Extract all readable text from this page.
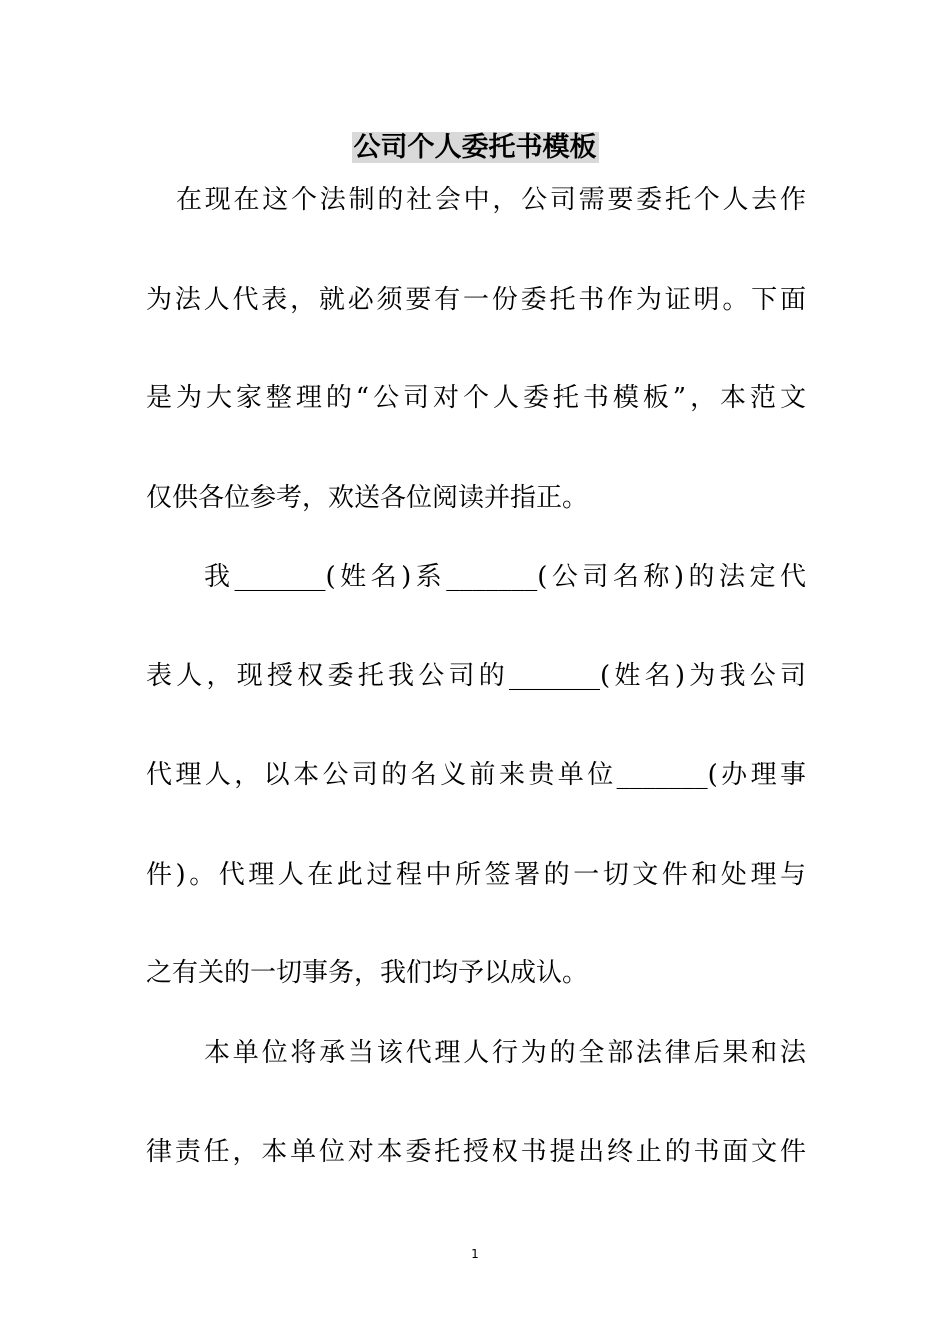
公司个人委托书模板
在现在这个法制的社会中，公司需要委托个人去作
为法人代表，就必须要有一份委托书作为证明。下面
是为大家整理的“公司对个人委托书模板”，本范文
仅供各位参考，欢送各位阅读并指正。
我_______(姓名)系_______(公司名称)的法定代
表人，现授权委托我公司的_______(姓名)为我公司
代理人，以本公司的名义前来贵单位_______(办理事
件)。代理人在此过程中所签署的一切文件和处理与
之有关的一切事务，我们均予以成认。
本单位将承当该代理人行为的全部法律后果和法
律责任，本单位对本委托授权书提出终止的书面文件
1
